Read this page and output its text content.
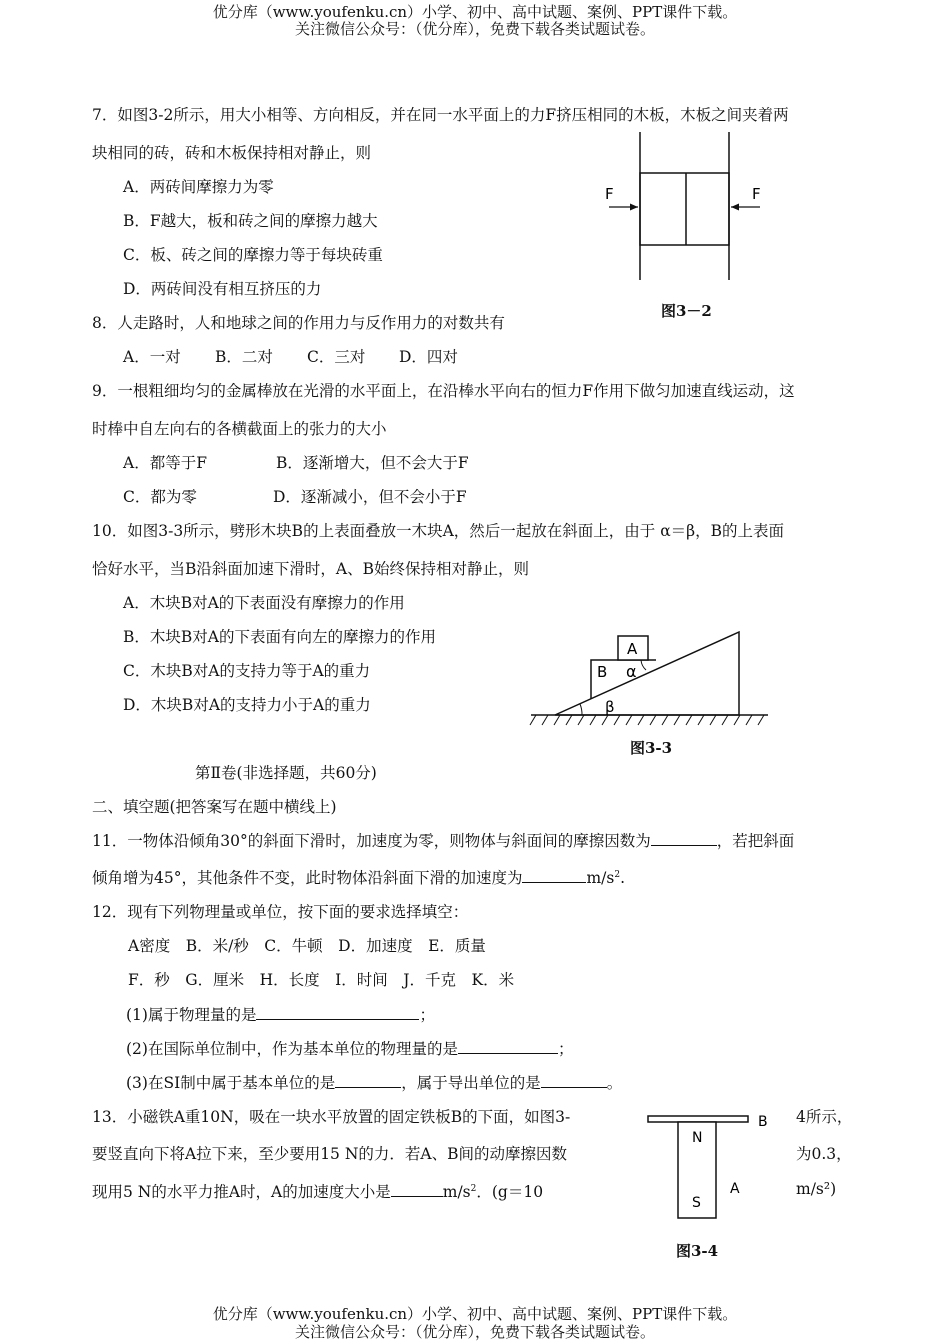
优分库（www.youfenku.cn）小学、初中、高中试题、案例、PPT课件下载。
关注微信公众号：（优分库），免费下载各类试题试卷。
7．如图3-2所示，用大小相等、方向相反，并在同一水平面上的力F挤压相同的木板，木板之间夹着两
块相同的砖，砖和木板保持相对静止，则
A．两砖间摩擦力为零
B．F越大，板和砖之间的摩擦力越大
C．板、砖之间的摩擦力等于每块砖重
D．两砖间没有相互挤压的力
F	F
图3－2
8．人走路时，人和地球之间的作用力与反作用力的对数共有
A．一对 B．二对 C．三对 D．四对
9．一根粗细均匀的金属棒放在光滑的水平面上，在沿棒水平向右的恒力F作用下做匀加速直线运动，这
时棒中自左向右的各横截面上的张力的大小
A．都等于F	B．逐渐增大，但不会大于F
C．都为零	D．逐渐减小，但不会小于F
10．如图3-3所示，劈形木块B的上表面叠放一木块A，然后一起放在斜面上，由于 α＝β，B的上表面
恰好水平，当B沿斜面加速下滑时，A、B始终保持相对静止，则
A．木块B对A的下表面没有摩擦力的作用
B．木块B对A的下表面有向左的摩擦力的作用
C．木块B对A的支持力等于A的重力
D．木块B对A的支持力小于A的重力
A
B α
β
图3-3
第Ⅱ卷(非选择题，共60分)
二、填空题(把答案写在题中横线上)
11．一物体沿倾角30°的斜面下滑时，加速度为零，则物体与斜面间的摩擦因数为	，若把斜面
倾角增为45°，其他条件不变，此时物体沿斜面下滑的加速度为	$m/s^2$.
12．现有下列物理量或单位，按下面的要求选择填空：
A密度　B．米/秒　C．牛顿　D．加速度　E．质量
F．秒　G．厘米　H．长度　I．时间　J．千克　K．米
(1)属于物理量的是	；
(2)在国际单位制中，作为基本单位的物理量的是	；
(3)在SI制中属于基本单位的是	，属于导出单位的是	。
13．小磁铁A重10N，吸在一块水平放置的固定铁板B的下面，如图3-	4所示，
要竖直向下将A拉下来，至少要用15 N的力．若A、B间的动摩擦因数	为0.3，
现用5 N的水平力推A时，A的加速度大小是	$m/s^2$．(g＝10	m/s²)
B
N
S
A
图3-4
优分库（www.youfenku.cn）小学、初中、高中试题、案例、PPT课件下载。
关注微信公众号：（优分库），免费下载各类试题试卷。
